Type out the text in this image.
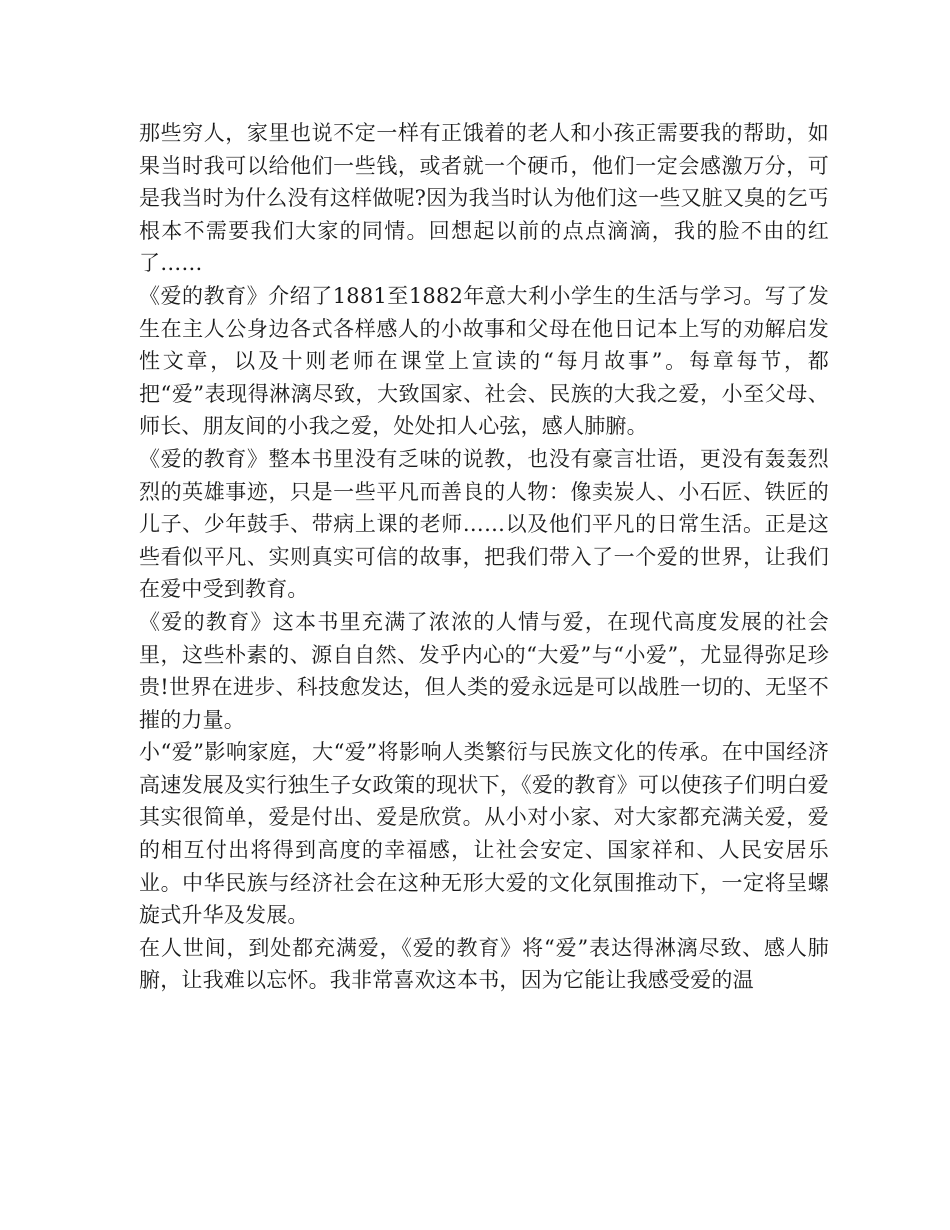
那些穷人，家里也说不定一样有正饿着的老人和小孩正需要我的帮助，如果当时我可以给他们一些钱，或者就一个硬币，他们一定会感激万分，可是我当时为什么没有这样做呢?因为我当时认为他们这一些又脏又臭的乞丐根本不需要我们大家的同情。回想起以前的点点滴滴，我的脸不由的红了……

《爱的教育》介绍了1881至1882年意大利小学生的生活与学习。写了发生在主人公身边各式各样感人的小故事和父母在他日记本上写的劝解启发性文章，以及十则老师在课堂上宣读的“每月故事”。每章每节，都把“爱”表现得淋漓尽致，大致国家、社会、民族的大我之爱，小至父母、师长、朋友间的小我之爱，处处扣人心弦，感人肺腑。

《爱的教育》整本书里没有乏味的说教，也没有豪言壮语，更没有轰轰烈烈的英雄事迹，只是一些平凡而善良的人物：像卖炭人、小石匠、铁匠的儿子、少年鼓手、带病上课的老师……以及他们平凡的日常生活。正是这些看似平凡、实则真实可信的故事，把我们带入了一个爱的世界，让我们在爱中受到教育。

《爱的教育》这本书里充满了浓浓的人情与爱，在现代高度发展的社会里，这些朴素的、源自自然、发乎内心的“大爱”与“小爱”，尤显得弥足珍贵!世界在进步、科技愈发达，但人类的爱永远是可以战胜一切的、无坚不摧的力量。

小“爱”影响家庭，大“爱”将影响人类繁衍与民族文化的传承。在中国经济高速发展及实行独生子女政策的现状下，《爱的教育》可以使孩子们明白爱其实很简单，爱是付出、爱是欣赏。从小对小家、对大家都充满关爱，爱的相互付出将得到高度的幸福感，让社会安定、国家祥和、人民安居乐业。中华民族与经济社会在这种无形大爱的文化氛围推动下，一定将呈螺旋式升华及发展。

在人世间，到处都充满爱，《爱的教育》将“爱”表达得淋漓尽致、感人肺腑，让我难以忘怀。我非常喜欢这本书，因为它能让我感受爱的温
